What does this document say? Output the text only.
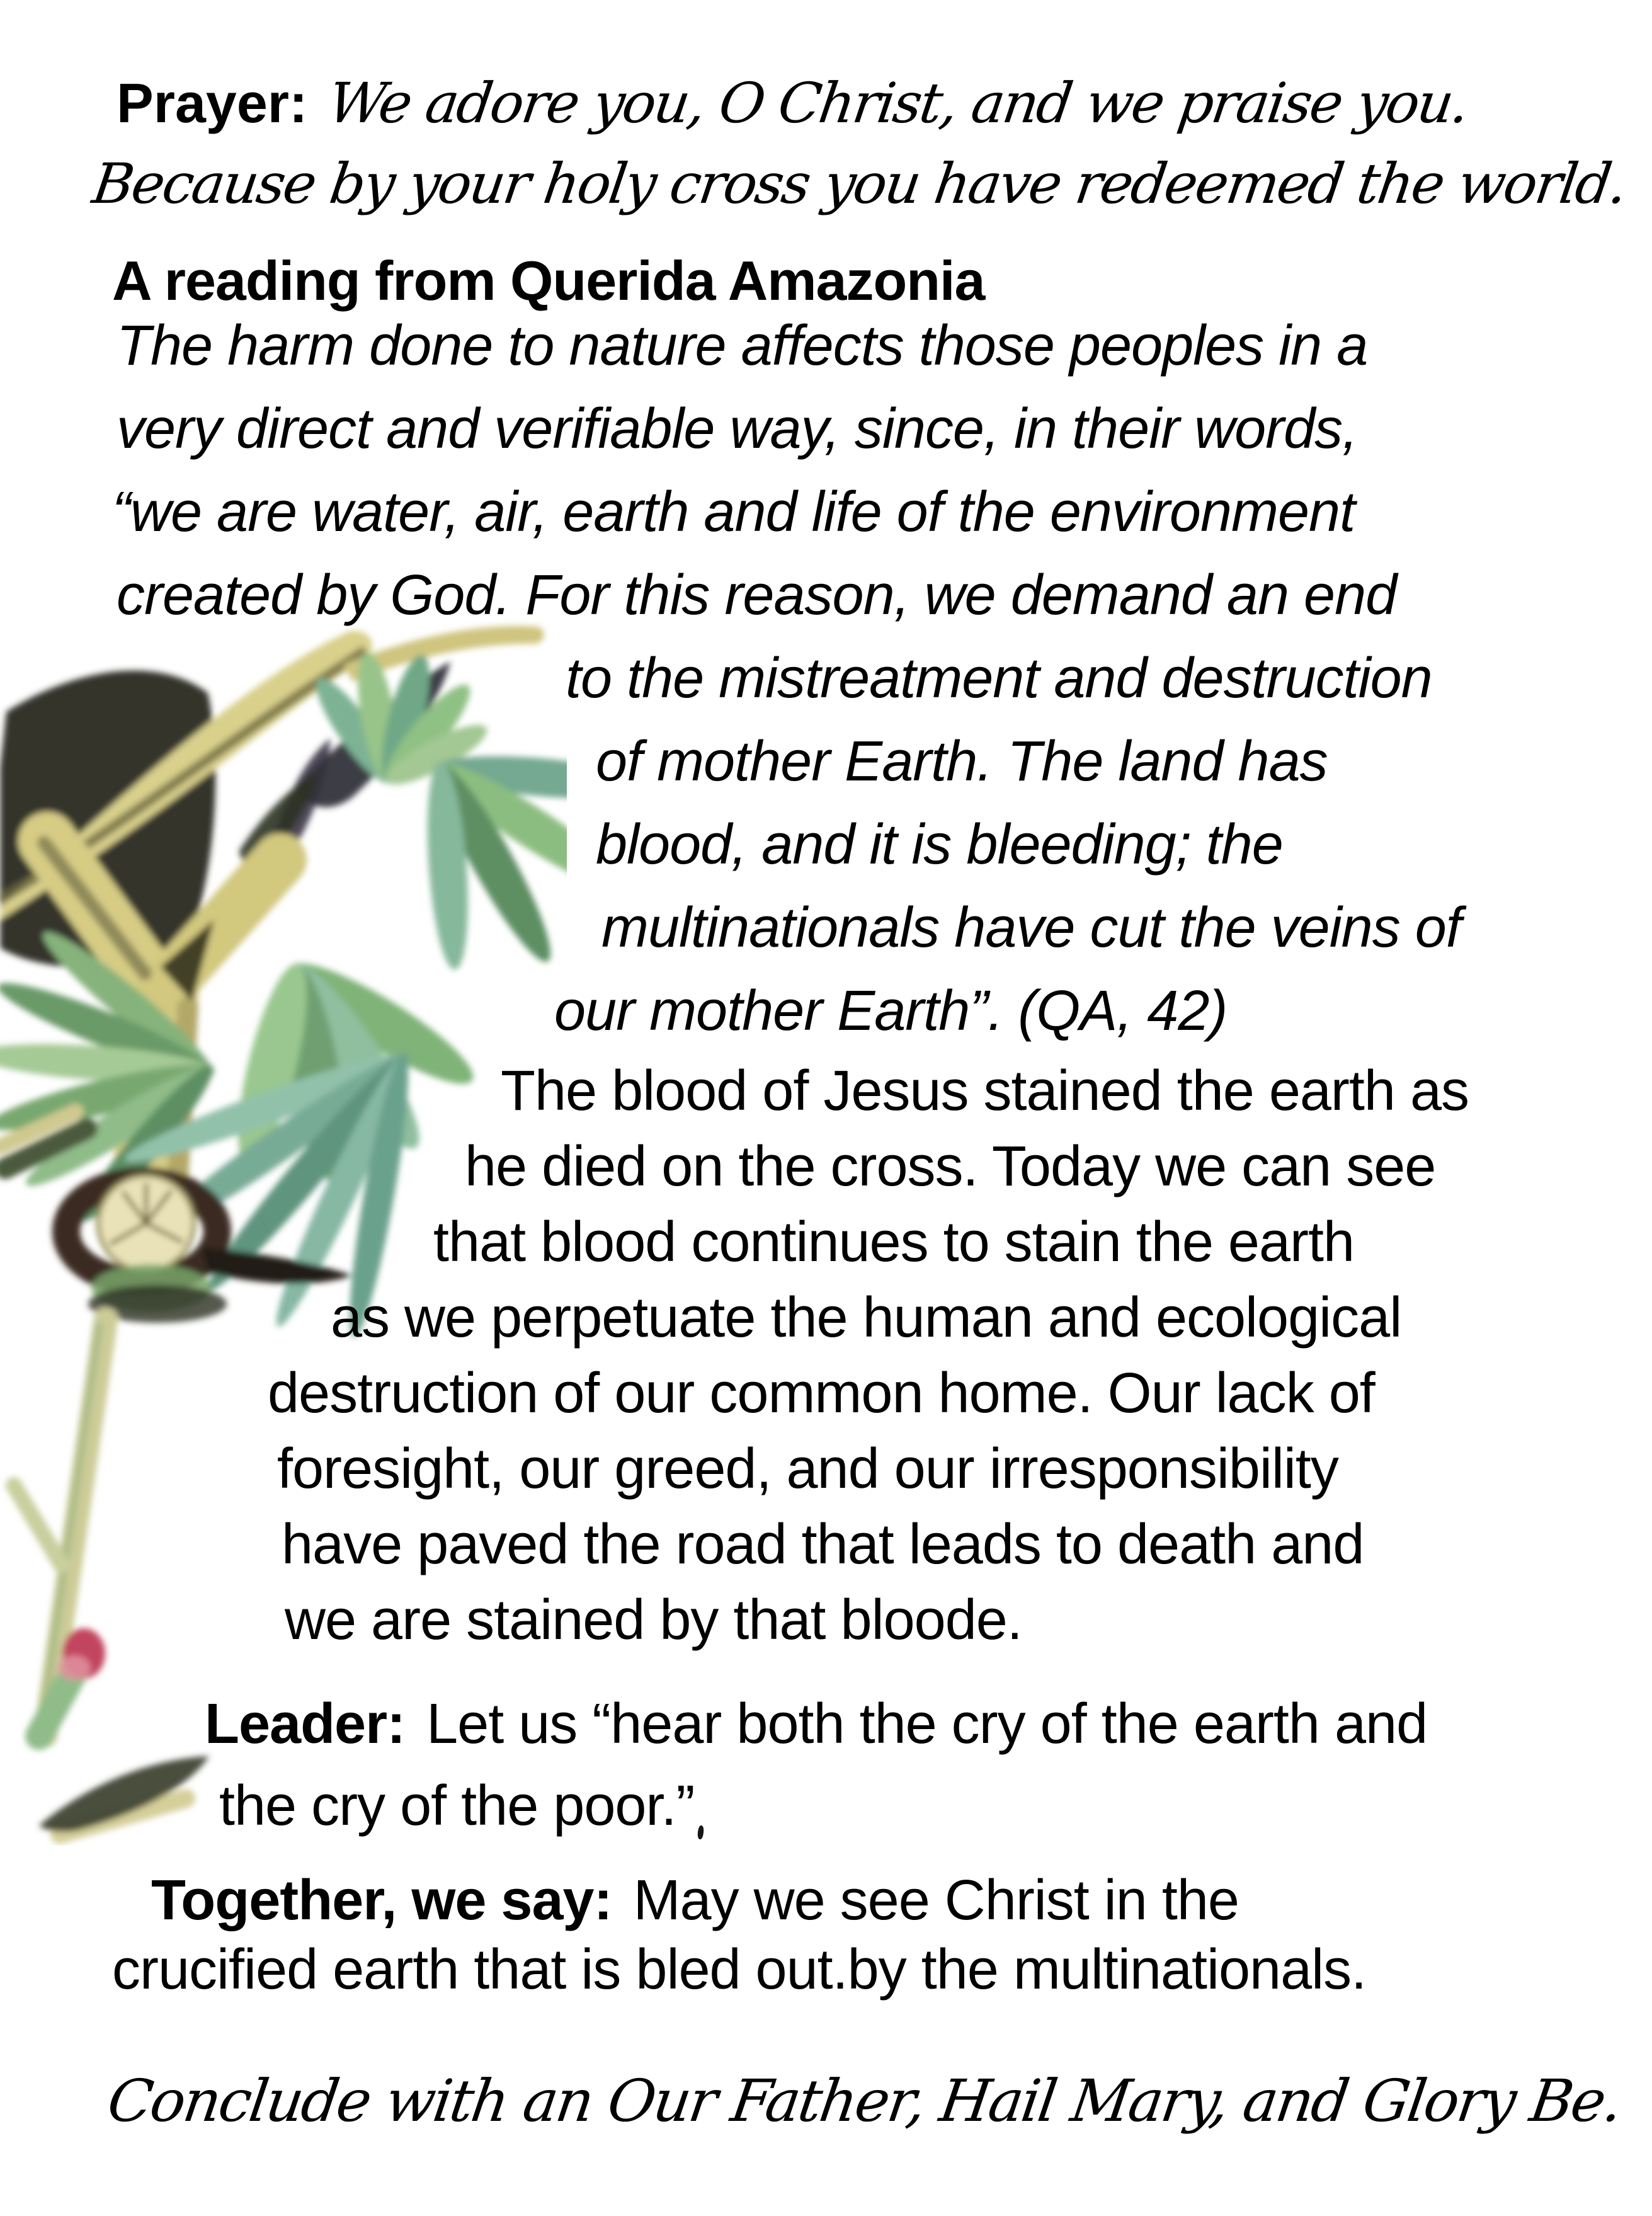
Prayer: We adore you, O Christ, and we praise you.
Because by your holy cross you have redeemed the world.
A reading from Querida Amazonia
The harm done to nature affects those peoples in a
very direct and verifiable way, since, in their words,
“we are water, air, earth and life of the environment
created by God. For this reason, we demand an end
to the mistreatment and destruction
of mother Earth. The land has
blood, and it is bleeding; the
multinationals have cut the veins of
our mother Earth”. (QA, 42)
The blood of Jesus stained the earth as
he died on the cross. Today we can see
that blood continues to stain the earth
as we perpetuate the human and ecological
destruction of our common home. Our lack of
foresight, our greed, and our irresponsibility
have paved the road that leads to death and
we are stained by that bloode.
Leader: Let us “hear both the cry of the earth and
the cry of the poor.”
Together, we say: May we see Christ in the
crucified earth that is bled out.by the multinationals.
Conclude with an Our Father, Hail Mary, and Glory Be.
